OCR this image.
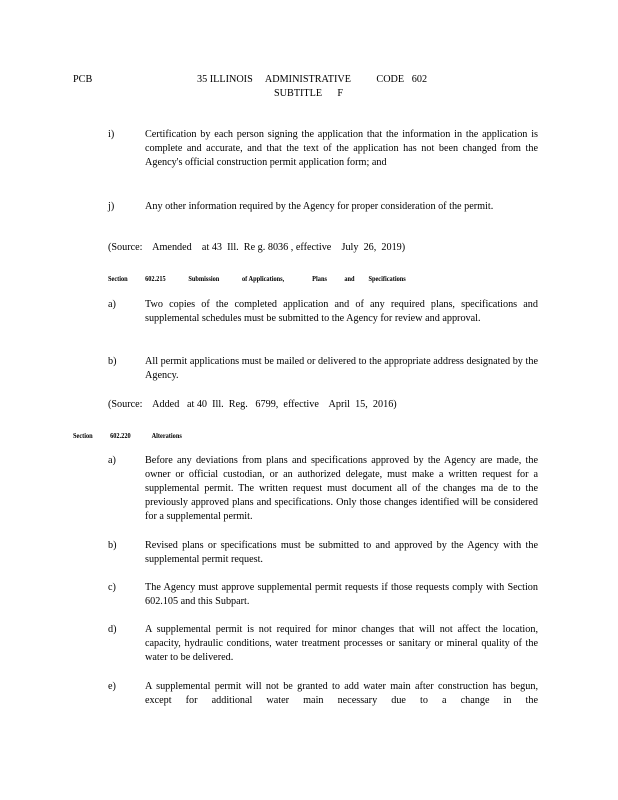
PCB	35 ILLINOIS     ADMINISTRATIVE          CODE   602
SUBTITLE      F
i)	Certification by each person signing the application that the information in the application is complete and accurate, and that the text of the application has not been changed from the Agency's official construction permit application form; and
j)	Any other information required by the Agency for proper consideration of the permit.
(Source:    Amended    at 43  Ill.  Re g. 8036 , effective    July  26,  2019)
Section 602.215	Submission	of Applications,	Plans and Specifications
a)	Two copies of the completed application and of any required plans, specifications and supplemental schedules must be submitted to the Agency for review and approval.
b)	All permit applications must be mailed or delivered to the appropriate address designated by the Agency.
(Source:    Added   at 40  Ill.  Reg.   6799,  effective    April  15,  2016)
Section 602.220	Alterations
a)	Before any deviations from plans and specifications approved by the Agency are made, the owner or official custodian, or an authorized delegate, must make a written request for a supplemental permit. The written request must document all of the changes ma de to the previously approved plans and specifications. Only those changes identified will be considered for a supplemental permit.
b)	Revised plans or specifications must be submitted to and approved by the Agency with the supplemental permit request.
c)	The Agency must approve supplemental permit requests if those requests comply with Section 602.105 and this Subpart.
d)	A supplemental permit is not required for minor changes that will not affect the location, capacity, hydraulic conditions, water treatment processes or sanitary or mineral quality of the water to be delivered.
e)	A supplemental permit will not be granted to add water main after construction has begun, except for additional water main necessary due to a change in the
